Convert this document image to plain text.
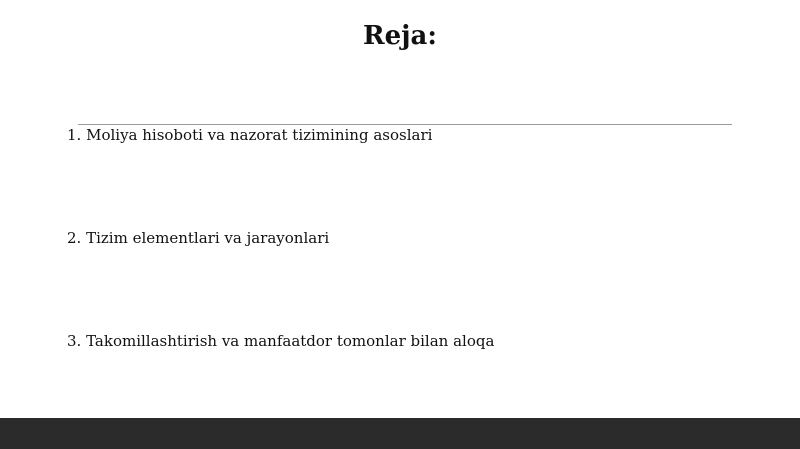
Reja:
1. Moliya hisoboti va nazorat tizimining asoslari
2. Tizim elementlari va jarayonlari
3. Takomillashtirish va manfaatdor tomonlar bilan aloqa
